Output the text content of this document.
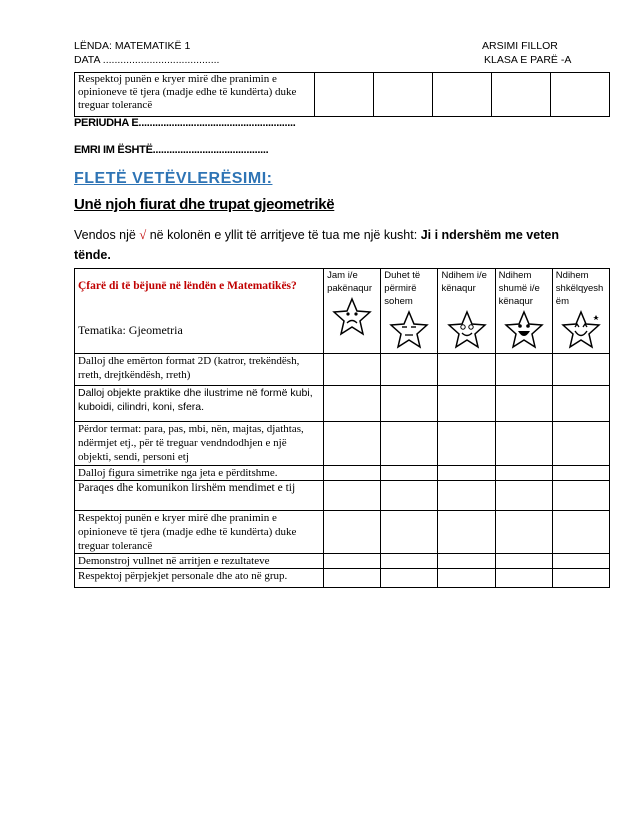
LËNDA: MATEMATIKË 1
DATA ........................................
ARSIMI FILLOR
KLASA E PARË -A
Respektoj punën e kryer mirë dhe pranimin e opinioneve të tjera (madje edhe të kundërta) duke treguar tolerancë					
PERIUDHA E.........................................................
EMRI IM ËSHTË..........................................
FLETË VETËVLERËSIMI:
Unë njoh fiurat dhe trupat gjeometrikë
Vendos një √ në kolonën e yllit të arritjeve të tua me një kusht: Ji i ndershëm me veten tënde.
Çfarë di të bëjunë në lëndën e Matematikës?
Tematika: Gjeometria	Jam i/e pakënaqur	Duhet të përmirë sohem	Ndihem i/e kënaqur	Ndihem shumë i/e kënaqur	Ndihem shkëlqyesh ëm

Dalloj dhe emërton format 2D (katror, trekëndësh, rreth, drejtkëndësh, rreth)					
Dalloj objekte praktike dhe ilustrime në formë kubi, kuboidi, cilindri, koni, sfera.					
Përdor termat: para, pas, mbi, nën, majtas, djathtas, ndërmjet etj., për të treguar vendndodhjen e një objekti, sendi, personi etj					
Dalloj figura simetrike nga jeta e përditshme.					
Paraqes dhe komunikon lirshëm mendimet e tij					
Respektoj punën e kryer mirë dhe pranimin e opinioneve të tjera (madje edhe të kundërta) duke treguar tolerancë					
Demonstroj vullnet në arritjen e rezultateve					
Respektoj përpjekjet personale dhe ato në grup.					
